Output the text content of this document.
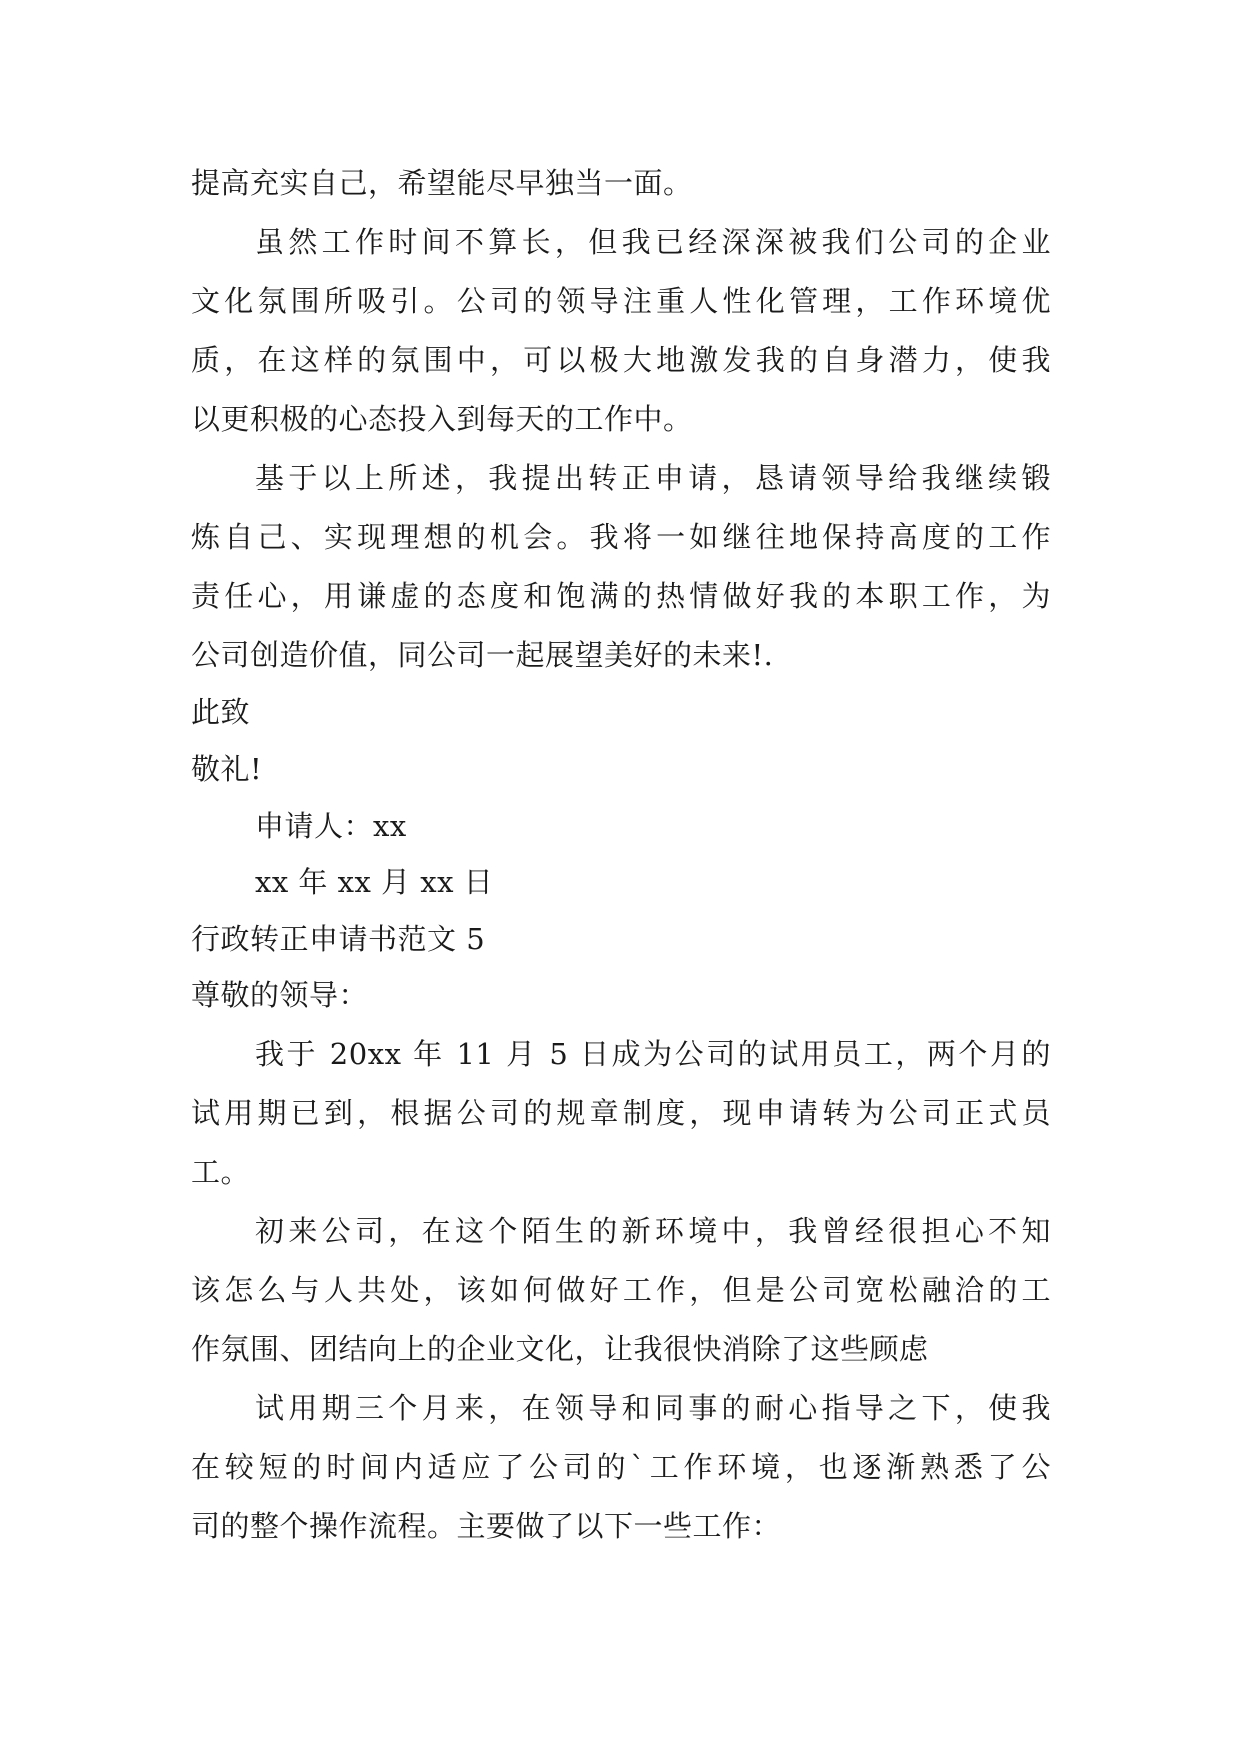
提高充实自己，希望能尽早独当一面。
虽然工作时间不算长，但我已经深深被我们公司的企业
文化氛围所吸引。公司的领导注重人性化管理，工作环境优
质，在这样的氛围中，可以极大地激发我的自身潜力，使我
以更积极的心态投入到每天的工作中。
基于以上所述，我提出转正申请，恳请领导给我继续锻
炼自己、实现理想的机会。我将一如继往地保持高度的工作
责任心，用谦虚的态度和饱满的热情做好我的本职工作，为
公司创造价值，同公司一起展望美好的未来!.
此致
敬礼!
申请人：xx
xx 年 xx 月 xx 日
行政转正申请书范文 5
尊敬的领导：
我于 20xx 年 11 月 5 日成为公司的试用员工，两个月的
试用期已到，根据公司的规章制度，现申请转为公司正式员
工。
初来公司，在这个陌生的新环境中，我曾经很担心不知
该怎么与人共处，该如何做好工作，但是公司宽松融洽的工
作氛围、团结向上的企业文化，让我很快消除了这些顾虑
试用期三个月来，在领导和同事的耐心指导之下，使我
在较短的时间内适应了公司的`工作环境，也逐渐熟悉了公
司的整个操作流程。主要做了以下一些工作：
